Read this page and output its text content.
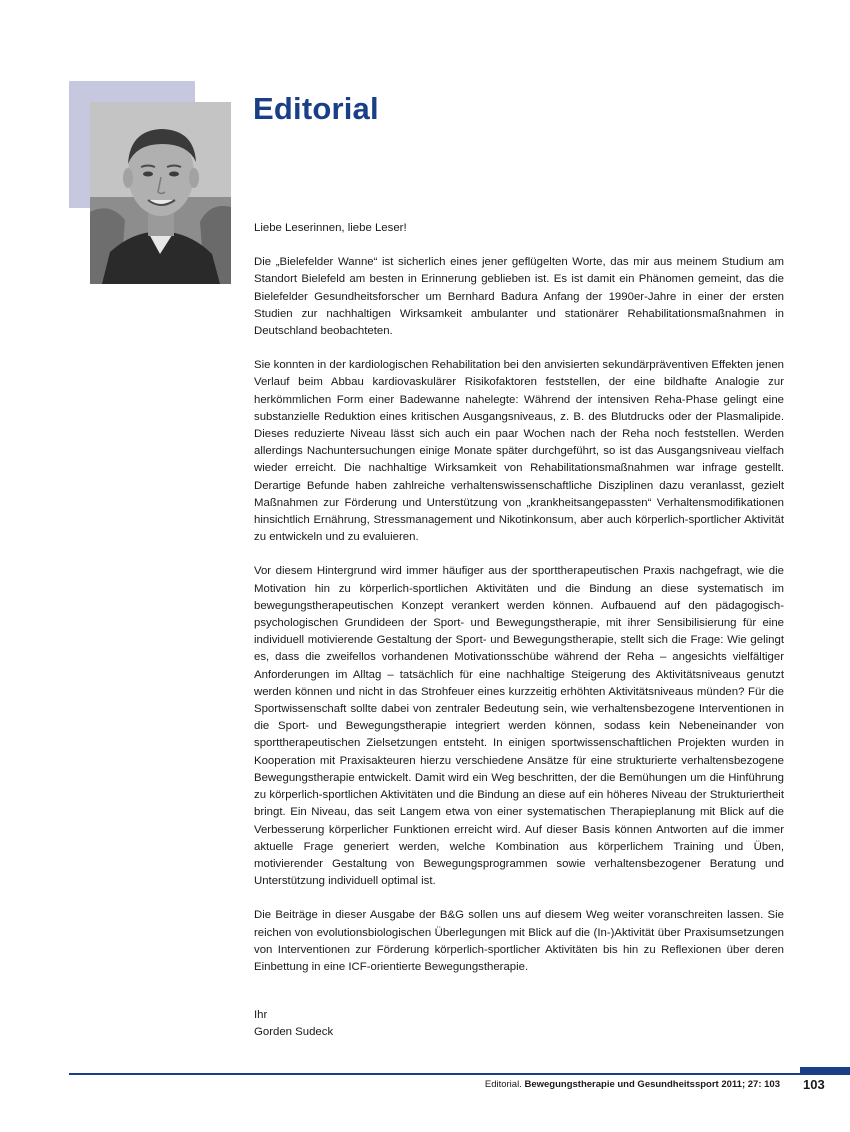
Editorial

Liebe Leserinnen, liebe Leser!

Die „Bielefelder Wanne“ ist sicherlich eines jener geflügelten Worte, das mir aus meinem Studium am Standort Bielefeld am besten in Erinnerung geblieben ist. Es ist damit ein Phänomen gemeint, das die Bielefelder Gesundheitsforscher um Bernhard Badura Anfang der 1990er-Jahre in einer der ersten Studien zur nachhaltigen Wirksamkeit ambulanter und stationärer Rehabilitationsmaßnahmen in Deutschland beobachteten.

Sie konnten in der kardiologischen Rehabilitation bei den anvisierten sekundärpräventiven Effekten jenen Verlauf beim Abbau kardiovaskulärer Risikofaktoren feststellen, der eine bildhafte Analogie zur herkömmlichen Form einer Badewanne nahelegte: Während der intensiven Reha-Phase gelingt eine substanzielle Reduktion eines kritischen Ausgangsniveaus, z. B. des Blutdrucks oder der Plasmalipide. Dieses reduzierte Niveau lässt sich auch ein paar Wochen nach der Reha noch feststellen. Werden allerdings Nachuntersuchungen einige Monate später durchgeführt, so ist das Ausgangsniveau vielfach wieder erreicht. Die nachhaltige Wirksamkeit von Rehabilitationsmaßnahmen war infrage gestellt. Derartige Befunde haben zahlreiche verhaltenswissenschaftliche Disziplinen dazu veranlasst, gezielt Maßnahmen zur Förderung und Unterstützung von „krankheitsangepassten“ Verhaltensmodifikationen hinsichtlich Ernährung, Stressmanagement und Nikotinkonsum, aber auch körperlich-sportlicher Aktivität zu entwickeln und zu evaluieren.

Vor diesem Hintergrund wird immer häufiger aus der sporttherapeutischen Praxis nachgefragt, wie die Motivation hin zu körperlich-sportlichen Aktivitäten und die Bindung an diese systematisch im bewegungstherapeutischen Konzept verankert werden können. Aufbauend auf den pädagogisch-psychologischen Grundideen der Sport- und Bewegungstherapie, mit ihrer Sensibilisierung für eine individuell motivierende Gestaltung der Sport- und Bewegungstherapie, stellt sich die Frage: Wie gelingt es, dass die zweifellos vorhandenen Motivationsschübe während der Reha – angesichts vielfältiger Anforderungen im Alltag – tatsächlich für eine nachhaltige Steigerung des Aktivitätsniveaus genutzt werden können und nicht in das Strohfeuer eines kurzzeitig erhöhten Aktivitätsniveaus münden? Für die Sportwissenschaft sollte dabei von zentraler Bedeutung sein, wie verhaltensbezogene Interventionen in die Sport- und Bewegungstherapie integriert werden können, sodass kein Nebeneinander von sporttherapeutischen Zielsetzungen entsteht. In einigen sportwissenschaftlichen Projekten wurden in Kooperation mit Praxisakteuren hierzu verschiedene Ansätze für eine strukturierte verhaltensbezogene Bewegungstherapie entwickelt. Damit wird ein Weg beschritten, der die Bemühungen um die Hinführung zu körperlich-sportlichen Aktivitäten und die Bindung an diese auf ein höheres Niveau der Strukturiertheit bringt. Ein Niveau, das seit Langem etwa von einer systematischen Therapieplanung mit Blick auf die Verbesserung körperlicher Funktionen erreicht wird. Auf dieser Basis können Antworten auf die immer aktuelle Frage generiert werden, welche Kombination aus körperlichem Training und Üben, motivierender Gestaltung von Bewegungsprogrammen sowie verhaltensbezogener Beratung und Unterstützung individuell optimal ist.

Die Beiträge in dieser Ausgabe der B&G sollen uns auf diesem Weg weiter voranschreiten lassen. Sie reichen von evolutionsbiologischen Überlegungen mit Blick auf die (In-)Aktivität über Praxisumsetzungen von Interventionen zur Förderung körperlich-sportlicher Aktivitäten bis hin zu Reflexionen über deren Einbettung in eine ICF-orientierte Bewegungstherapie.

Ihr
Gorden Sudeck
Editorial. Bewegungstherapie und Gesundheitssport 2011; 27: 103 103
